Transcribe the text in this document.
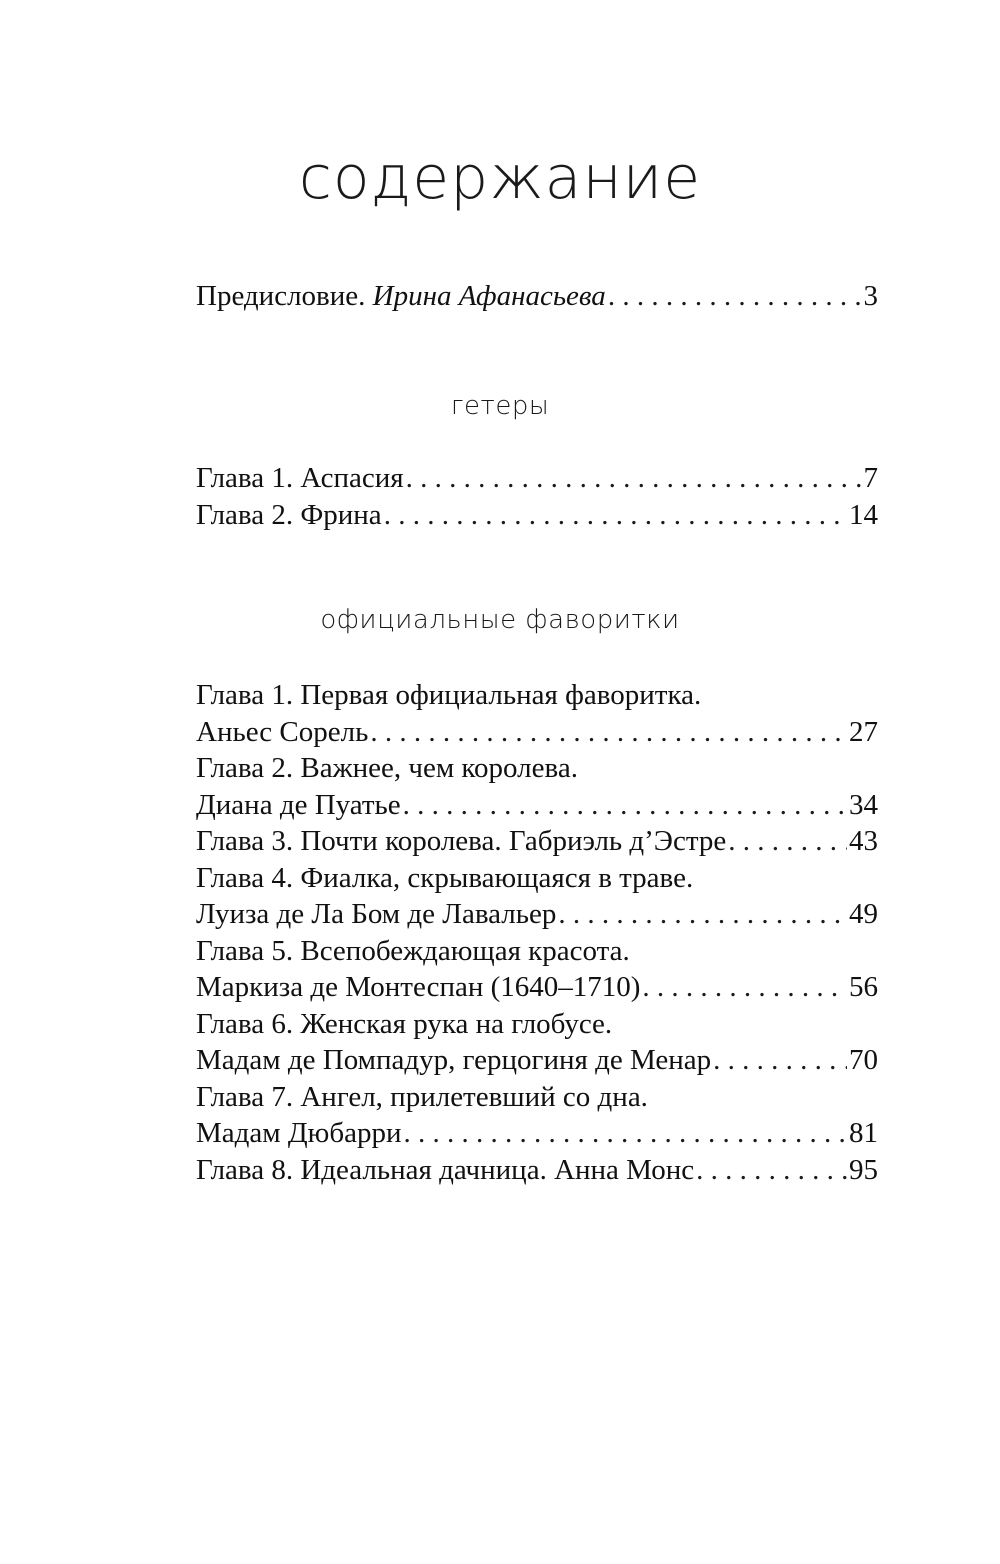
содержание
Предисловие. Ирина Афанасьева . . .	3
гетеры
Глава 1. Аспасия . . .	7
Глава 2. Фрина . . .	14
официальные фаворитки
Глава 1. Первая официальная фаворитка.
Аньес Сорель . . .	27
Глава 2. Важнее, чем королева.
Диана де Пуатье . . .	34
Глава 3. Почти королева. Габриэль д’Эстре . . .	43
Глава 4. Фиалка, скрывающаяся в траве.
Луиза де Ла Бом де Лавальер . . .	49
Глава 5. Всепобеждающая красота.
Маркиза де Монтеспан (1640–1710) . . .	56
Глава 6. Женская рука на глобусе.
Мадам де Помпадур, герцогиня де Менар . . .	70
Глава 7. Ангел, прилетевший со дна.
Мадам Дюбарри . . .	81
Глава 8. Идеальная дачница. Анна Монс . . .	95
